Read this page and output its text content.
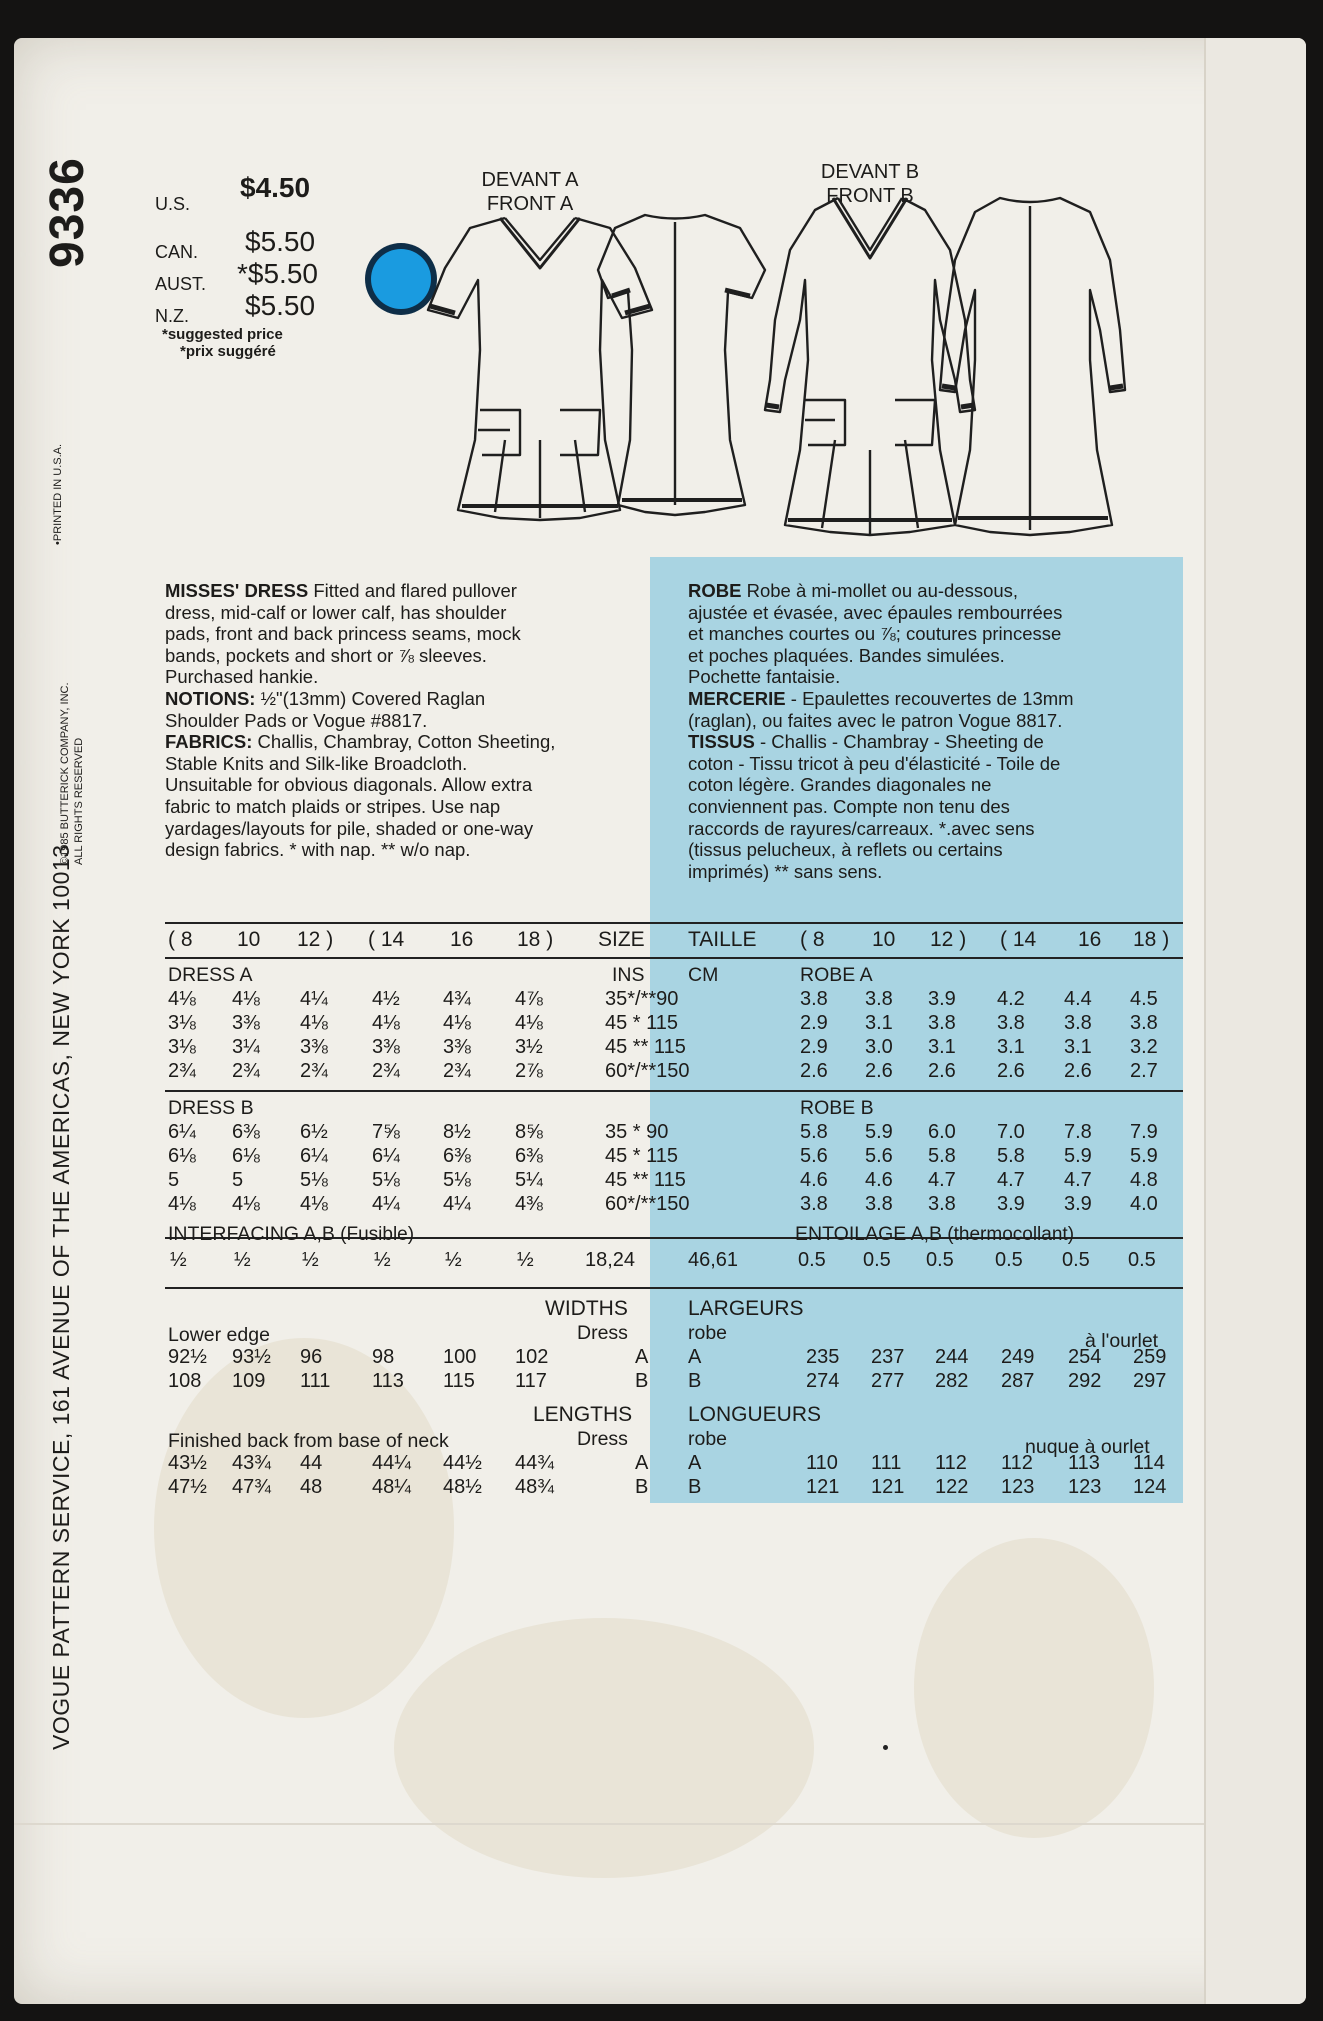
9336
VOGUE PATTERN SERVICE, 161 AVENUE OF THE AMERICAS, NEW YORK 10013
©1985 BUTTERICK COMPANY, INC. ALL RIGHTS RESERVED
•PRINTED IN U.S.A.
U.S.
$4.50
CAN. $5.50
AUST. *$5.50
N.Z. $5.50
*suggested price
*prix suggéré
DEVANT A
FRONT A
DEVANT B
FRONT B
MISSES' DRESS Fitted and flared pullover
dress, mid-calf or lower calf, has shoulder
pads, front and back princess seams, mock
bands, pockets and short or ⅞ sleeves.
Purchased hankie.
NOTIONS: ½"(13mm) Covered Raglan
Shoulder Pads or Vogue #8817.
FABRICS: Challis, Chambray, Cotton Sheeting,
Stable Knits and Silk-like Broadcloth.
Unsuitable for obvious diagonals. Allow extra
fabric to match plaids or stripes. Use nap
yardages/layouts for pile, shaded or one-way
design fabrics. * with nap. ** w/o nap.
ROBE Robe à mi-mollet ou au-dessous,
ajustée et évasée, avec épaules rembourrées
et manches courtes ou ⅞; coutures princesse
et poches plaquées. Bandes simulées.
Pochette fantaisie.
MERCERIE - Epaulettes recouvertes de 13mm
(raglan), ou faites avec le patron Vogue 8817.
TISSUS - Challis - Chambray - Sheeting de
coton - Tissu tricot à peu d'élasticité - Toile de
coton légère. Grandes diagonales ne
conviennent pas. Compte non tenu des
raccords de rayures/carreaux. *.avec sens
(tissus pelucheux, à reflets ou certains
imprimés) ** sans sens.
( 8 10 12 ) ( 14 16 18 ) SIZE TAILLE ( 8 10 12 ) ( 14 16 18 )
DRESS A	INS CM	ROBE A
4⅛ 4⅛ 4¼ 4½ 4¾ 4⅞	35*/**90	3.8 3.8 3.9 4.2 4.4 4.5
3⅛ 3⅜ 4⅛ 4⅛ 4⅛ 4⅛	45 * 115	2.9 3.1 3.8 3.8 3.8 3.8
3⅛ 3¼ 3⅜ 3⅜ 3⅜ 3½	45 ** 115	2.9 3.0 3.1 3.1 3.1 3.2
2¾ 2¾ 2¾ 2¾ 2¾ 2⅞	60*/**150	2.6 2.6 2.6 2.6 2.6 2.7
DRESS B	ROBE B
6¼ 6⅜ 6½ 7⅝ 8½ 8⅝	35 * 90	5.8 5.9 6.0 7.0 7.8 7.9
6⅛ 6⅛ 6¼ 6¼ 6⅜ 6⅜	45 * 115	5.6 5.6 5.8 5.8 5.9 5.9
5	5	5⅛ 5⅛ 5⅛ 5¼	45 ** 115	4.6 4.6 4.7 4.7 4.7 4.8
4⅛ 4⅛ 4⅛ 4¼ 4¼ 4⅜	60*/**150	3.8 3.8 3.8 3.9 3.9 4.0
INTERFACING A,B (Fusible)	ENTOILAGE A,B (thermocollant)
½ ½	½	½	½	½	18,24	46,61	0.5 0.5 0.5 0.5 0.5 0.5
WIDTHS	LARGEURS
Dress	robe
Lower edge	à l'ourlet
92½ 93½ 96 98 100 102	A A	235 237 244 249 254 259
108 109 111 113 115 117	B B	274 277 282 287 292 297
LENGTHS	LONGUEURS
Dress	robe
Finished back from base of neck	nuque à ourlet
43½ 43¾ 44 44¼ 44½ 44¾	A A	110 111 112 112 113 114
47½ 47¾ 48 48¼ 48½ 48¾	B B	121 121 122 123 123 124
